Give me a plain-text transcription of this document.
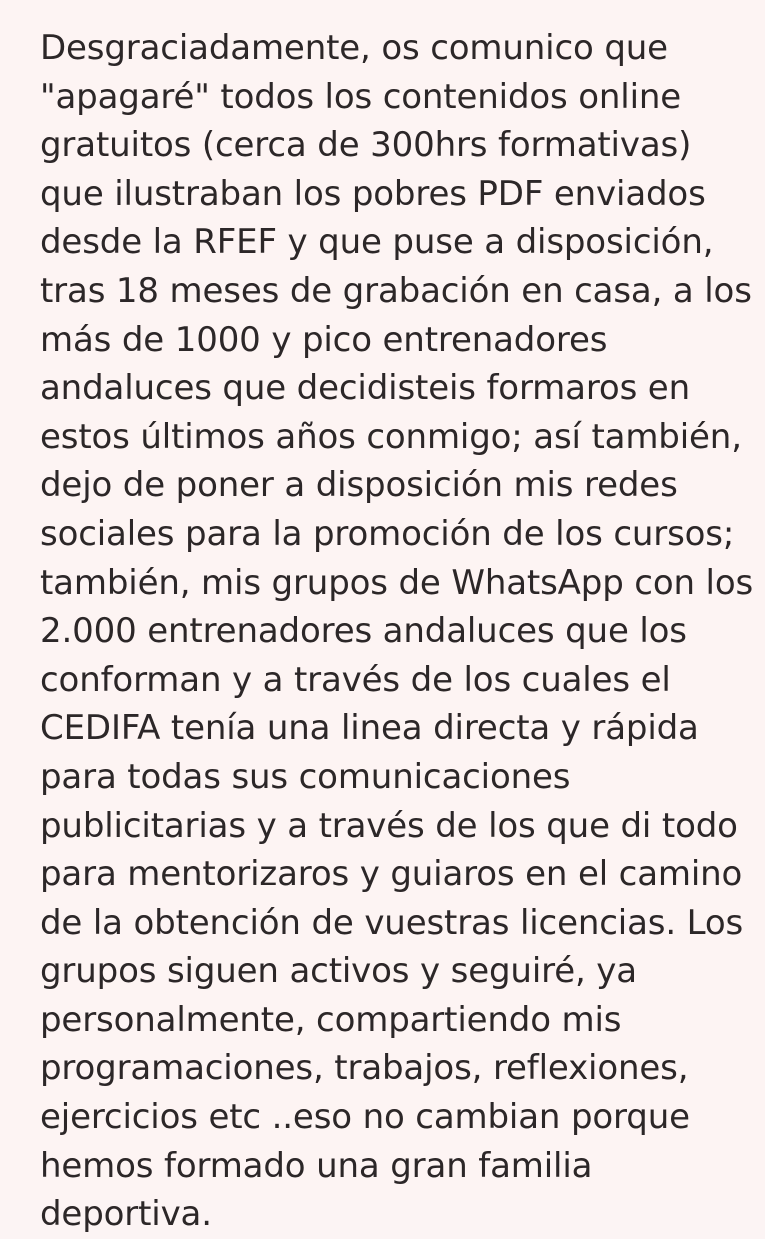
Desgraciadamente, os comunico que
"apagaré" todos los contenidos online
gratuitos (cerca de 300hrs formativas)
que ilustraban los pobres PDF enviados
desde la RFEF y que puse a disposición,
tras 18 meses de grabación en casa, a los
más de 1000 y pico entrenadores
andaluces que decidisteis formaros en
estos últimos años conmigo; así también,
dejo de poner a disposición mis redes
sociales para la promoción de los cursos;
también, mis grupos de WhatsApp con los
2.000 entrenadores andaluces que los
conforman y a través de los cuales el
CEDIFA tenía una linea directa y rápida
para todas sus comunicaciones
publicitarias y a través de los que di todo
para mentorizaros y guiaros en el camino
de la obtención de vuestras licencias. Los
grupos siguen activos y seguiré, ya
personalmente, compartiendo mis
programaciones, trabajos, reflexiones,
ejercicios etc ..eso no cambian porque
hemos formado una gran familia
deportiva.
